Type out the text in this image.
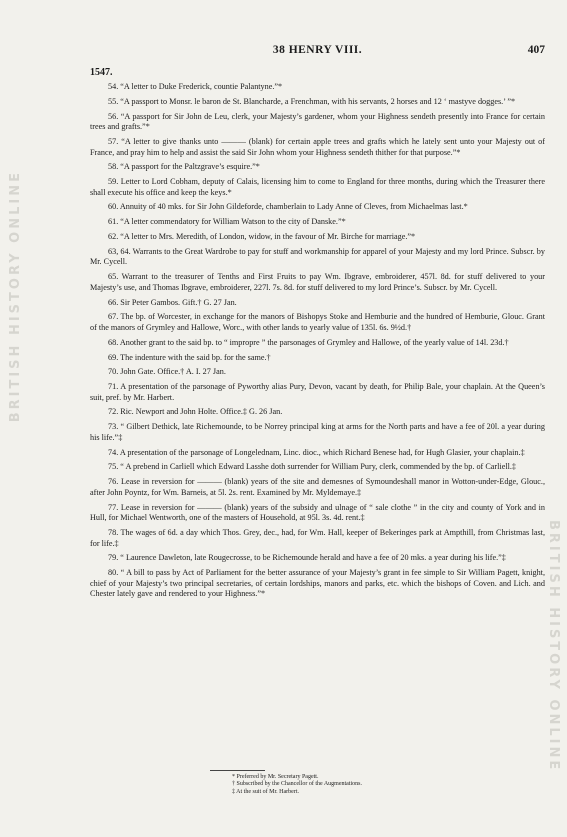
BRITISH HISTORY ONLINE
BRITISH HISTORY ONLINE
38 HENRY VIII.	407
1547.

54. “A letter to Duke Frederick, countie Palantyne.”*

55. “A passport to Monsr. le baron de St. Blancharde, a Frenchman, with his servants, 2 horses and 12 ‘ mastyve dogges.’ ”*

56. “A passport for Sir John de Leu, clerk, your Majesty’s gardener, whom your Highness sendeth presently into France for certain trees and grafts.”*

57. “A letter to give thanks unto ——— (blank) for certain apple trees and grafts which he lately sent unto your Majesty out of France, and pray him to help and assist the said Sir John whom your Highness sendeth thither for that purpose.”*

58. “A passport for the Paltzgrave’s esquire.”*

59. Letter to Lord Cobham, deputy of Calais, licensing him to come to England for three months, during which the Treasurer there shall execute his office and keep the keys.*

60. Annuity of 40 mks. for Sir John Gildeforde, chamberlain to Lady Anne of Cleves, from Michaelmas last.*

61. “A letter commendatory for William Watson to the city of Danske.”*

62. “A letter to Mrs. Meredith, of London, widow, in the favour of Mr. Birche for marriage.”*

63, 64. Warrants to the Great Wardrobe to pay for stuff and workmanship for apparel of your Majesty and my lord Prince. Subscr. by Mr. Cycell.

65. Warrant to the treasurer of Tenths and First Fruits to pay Wm. Ibgrave, embroiderer, 457l. 8d. for stuff delivered to your Majesty’s use, and Thomas Ibgrave, embroiderer, 227l. 7s. 8d. for stuff delivered to my lord Prince’s. Subscr. by Mr. Cycell.

66. Sir Peter Gambos. Gift.† G. 27 Jan.

67. The bp. of Worcester, in exchange for the manors of Bishopys Stoke and Hemburie and the hundred of Hemburie, Glouc. Grant of the manors of Grymley and Hallowe, Worc., with other lands to yearly value of 135l. 6s. 9½d.†

68. Another grant to the said bp. to “ impropre ” the parsonages of Grymley and Hallowe, of the yearly value of 14l. 23d.†

69. The indenture with the said bp. for the same.†

70. John Gate. Office.† A. I. 27 Jan.

71. A presentation of the parsonage of Pyworthy alias Pury, Devon, vacant by death, for Philip Bale, your chaplain. At the Queen’s suit, pref. by Mr. Harbert.

72. Ric. Newport and John Holte. Office.‡ G. 26 Jan.

73. “ Gilbert Dethick, late Richemounde, to be Norrey principal king at arms for the North parts and have a fee of 20l. a year during his life.”‡

74. A presentation of the parsonage of Longelednam, Linc. dioc., which Richard Benese had, for Hugh Glasier, your chaplain.‡

75. “ A prebend in Carliell which Edward Lasshe doth surrender for William Pury, clerk, commended by the bp. of Carliell.‡

76. Lease in reversion for ——— (blank) years of the site and demesnes of Symoundeshall manor in Wotton-under-Edge, Glouc., after John Poyntz, for Wm. Barneis, at 5l. 2s. rent. Examined by Mr. Myldemaye.‡

77. Lease in reversion for ——— (blank) years of the subsidy and ulnage of “ sale clothe ” in the city and county of York and in Hull, for Michael Wentworth, one of the masters of Household, at 95l. 3s. 4d. rent.‡

78. The wages of 6d. a day which Thos. Grey, dec., had, for Wm. Hall, keeper of Bekeringes park at Ampthill, from Christmas last, for life.‡

79. “ Laurence Dawleton, late Rougecrosse, to be Richemounde herald and have a fee of 20 mks. a year during his life.”‡

80. “ A bill to pass by Act of Parliament for the better assurance of your Majesty’s grant in fee simple to Sir William Pagett, knight, chief of your Majesty’s two principal secretaries, of certain lordships, manors and parks, etc. which the bishops of Coven. and Lich. and Chester lately gave and rendered to your Highness.”*

* Preferred by Mr. Secretary Pagett.
† Subscribed by the Chancellor of the Augmentations.
‡ At the suit of Mr. Harbert.
